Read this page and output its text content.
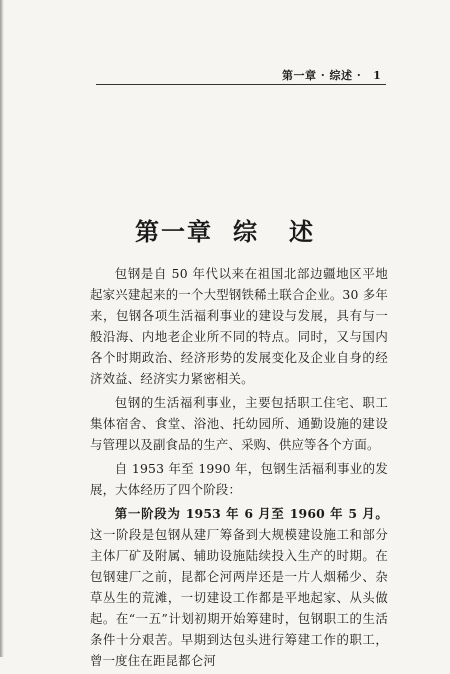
第一章 · 综述 · 1
第一章 综 述

包钢是自 50 年代以来在祖国北部边疆地区平地起家兴建起来的一个大型钢铁稀土联合企业。30 多年来，包钢各项生活福利事业的建设与发展，具有与一般沿海、内地老企业所不同的特点。同时，又与国内各个时期政治、经济形势的发展变化及企业自身的经济效益、经济实力紧密相关。

包钢的生活福利事业，主要包括职工住宅、职工集体宿舍、食堂、浴池、托幼园所、通勤设施的建设与管理以及副食品的生产、采购、供应等各个方面。

自 1953 年至 1990 年，包钢生活福利事业的发展，大体经历了四个阶段：

第一阶段为 1953 年 6 月至 1960 年 5 月。这一阶段是包钢从建厂筹备到大规模建设施工和部分主体厂矿及附属、辅助设施陆续投入生产的时期。在包钢建厂之前，昆都仑河两岸还是一片人烟稀少、杂草丛生的荒滩，一切建设工作都是平地起家、从头做起。在“一五”计划初期开始筹建时，包钢职工的生活条件十分艰苦。早期到达包头进行筹建工作的职工，曾一度住在距昆都仑河
